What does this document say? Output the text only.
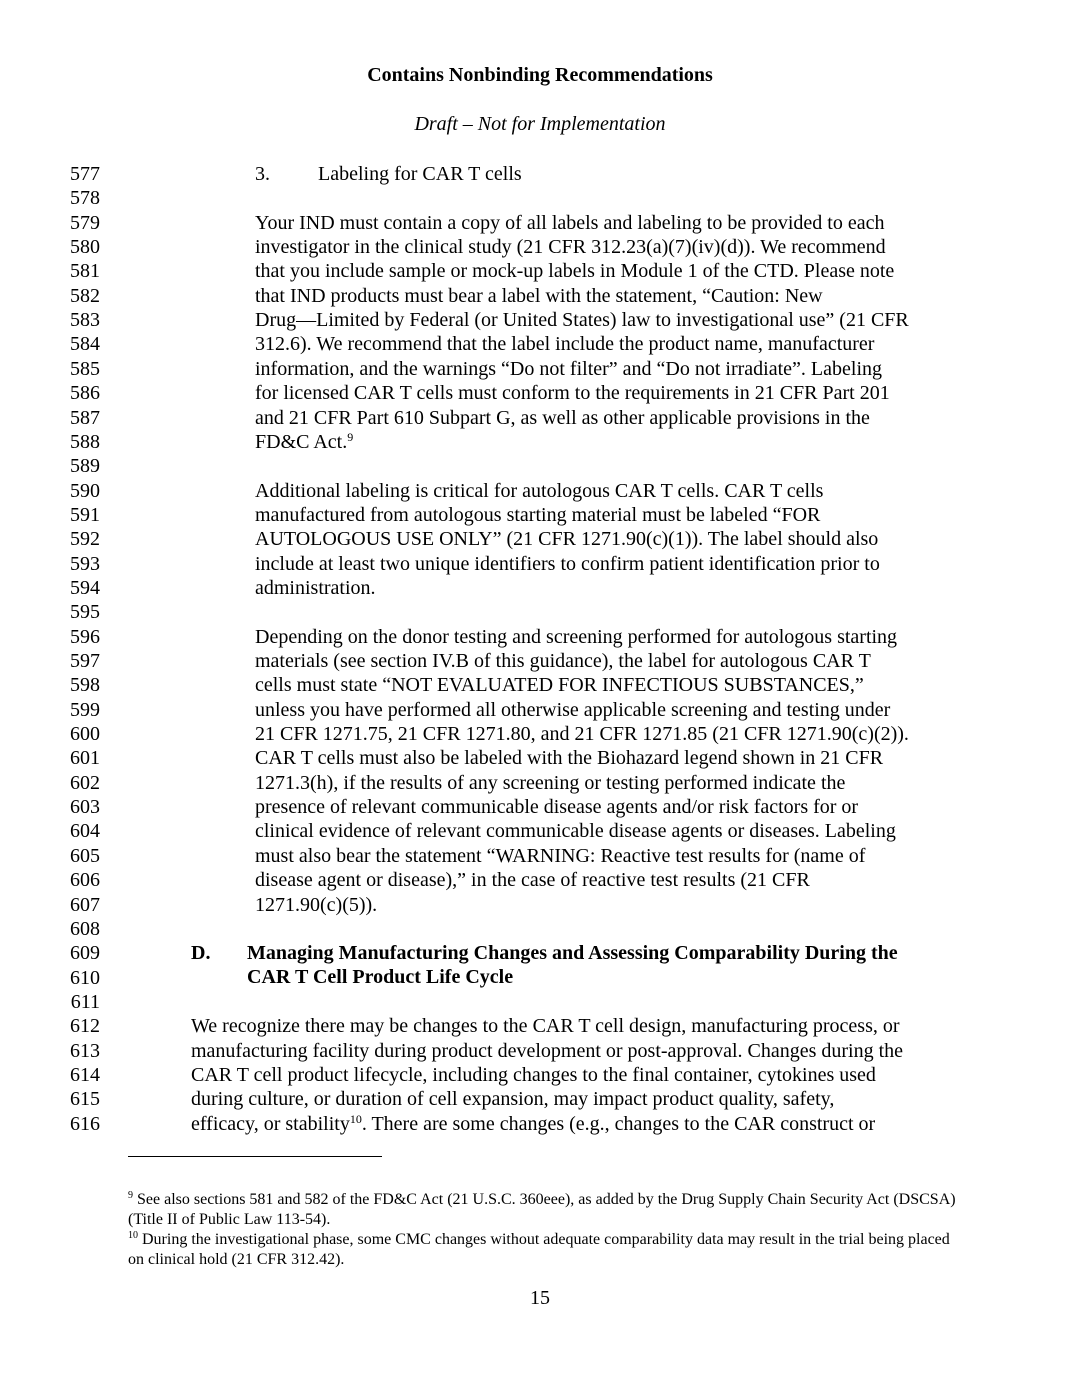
Contains Nonbinding Recommendations
Draft – Not for Implementation
577
578
579	Your IND must contain a copy of all labels and labeling to be provided to each
580	investigator in the clinical study (21 CFR 312.23(a)(7)(iv)(d)). We recommend
581	that you include sample or mock-up labels in Module 1 of the CTD. Please note
582	that IND products must bear a label with the statement, “Caution: New
583	Drug—Limited by Federal (or United States) law to investigational use” (21 CFR
584	312.6). We recommend that the label include the product name, manufacturer
585	information, and the warnings “Do not filter” and “Do not irradiate”. Labeling
586	for licensed CAR T cells must conform to the requirements in 21 CFR Part 201
587	and 21 CFR Part 610 Subpart G, as well as other applicable provisions in the
588	FD&C Act.$^9$
589
590	Additional labeling is critical for autologous CAR T cells. CAR T cells
591	manufactured from autologous starting material must be labeled “FOR
592	AUTOLOGOUS USE ONLY” (21 CFR 1271.90(c)(1)). The label should also
593	include at least two unique identifiers to confirm patient identification prior to
594	administration.
595
596	Depending on the donor testing and screening performed for autologous starting
597	materials (see section IV.B of this guidance), the label for autologous CAR T
598	cells must state “NOT EVALUATED FOR INFECTIOUS SUBSTANCES,”
599	unless you have performed all otherwise applicable screening and testing under
600	21 CFR 1271.75, 21 CFR 1271.80, and 21 CFR 1271.85 (21 CFR 1271.90(c)(2)).
601	CAR T cells must also be labeled with the Biohazard legend shown in 21 CFR
602	1271.3(h), if the results of any screening or testing performed indicate the
603	presence of relevant communicable disease agents and/or risk factors for or
604	clinical evidence of relevant communicable disease agents or diseases. Labeling
605	must also bear the statement “WARNING: Reactive test results for (name of
606	disease agent or disease),” in the case of reactive test results (21 CFR
607	1271.90(c)(5)).
608
609
610
611
612	We recognize there may be changes to the CAR T cell design, manufacturing process, or
613	manufacturing facility during product development or post-approval. Changes during the
614	CAR T cell product lifecycle, including changes to the final container, cytokines used
615	during culture, or duration of cell expansion, may impact product quality, safety,
616	efficacy, or stability$^{10}$. There are some changes (e.g., changes to the CAR construct or
3. Labeling for CAR T cells
D. Managing Manufacturing Changes and Assessing Comparability During the
CAR T Cell Product Life Cycle
$^9$ See also sections 581 and 582 of the FD&C Act (21 U.S.C. 360eee), as added by the Drug Supply Chain Security Act (DSCSA) (Title II of Public Law 113-54).
$^{10}$ During the investigational phase, some CMC changes without adequate comparability data may result in the trial being placed on clinical hold (21 CFR 312.42).
15
